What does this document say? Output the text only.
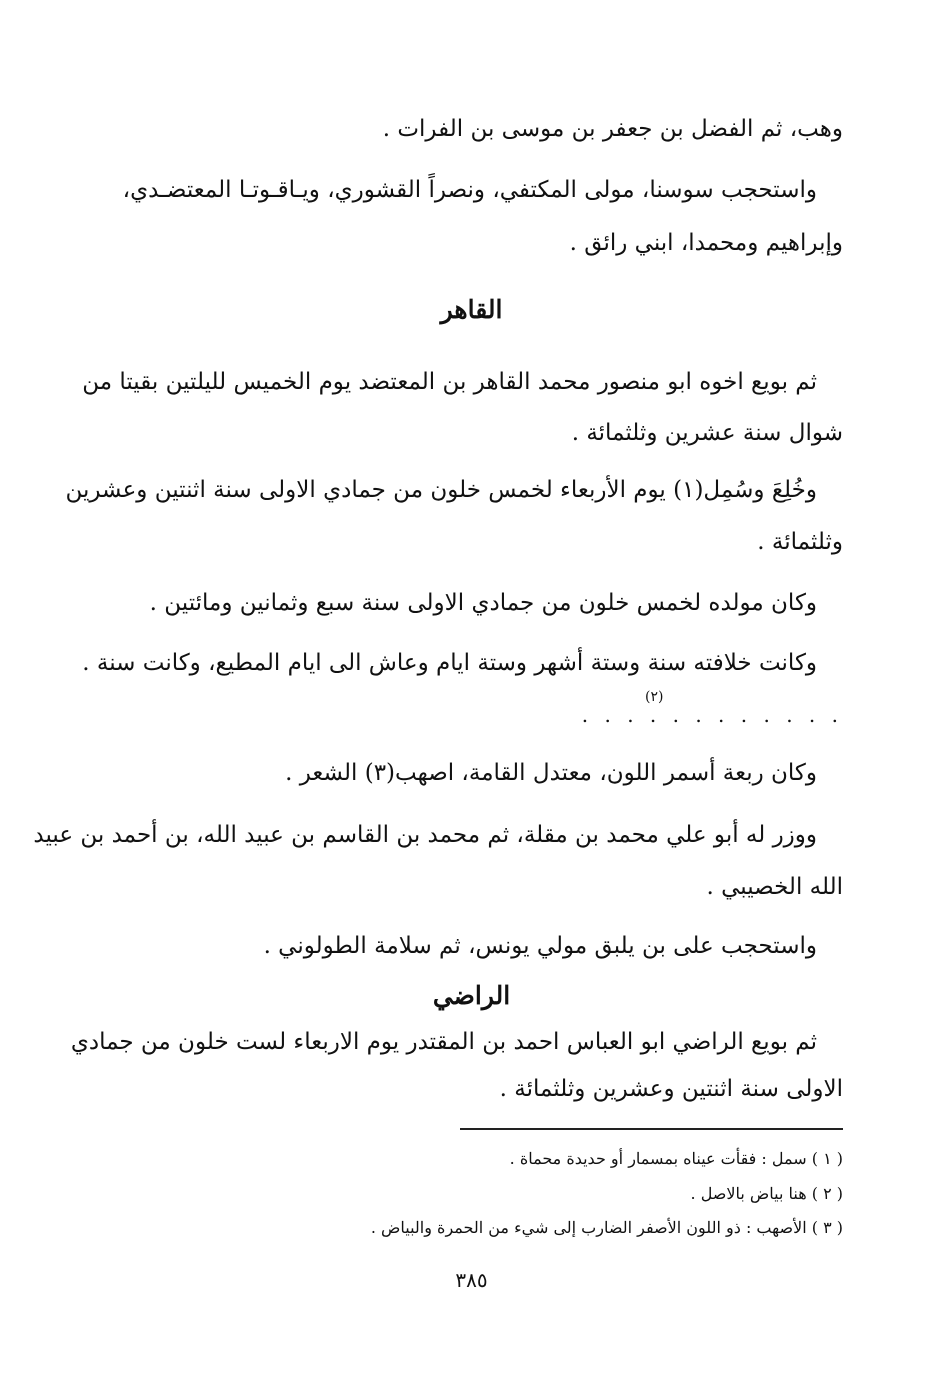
وهب، ثم الفضل بن جعفر بن موسى بن الفرات .
واستحجب سوسنا، مولى المكتفي، ونصراً القشوري، ويـاقـوتـا المعتضـدي،
وإبراهيم ومحمدا، ابني رائق .
القاهر
ثم بويع اخوه ابو منصور محمد القاهر بن المعتضد يوم الخميس لليلتين بقيتا من
شوال سنة عشرين وثلثمائة .
وخُلِعَ وسُمِل(١) يوم الأربعاء لخمس خلون من جمادي الاولى سنة اثنتين وعشرين
وثلثمائة .
وكان مولده لخمس خلون من جمادي الاولى سنة سبع وثمانين ومائتين .
وكانت خلافته سنة وستة أشهر وستة ايام وعاش الى ايام المطيع، وكانت سنة .
(٢)
. . . . . . . . . . . .
وكان ربعة أسمر اللون، معتدل القامة، اصهب(٣) الشعر .
ووزر له أبو علي محمد بن مقلة، ثم محمد بن القاسم بن عبيد الله، بن أحمد بن عبيد
الله الخصيبي .
واستحجب على بن يلبق مولي يونس، ثم سلامة الطولوني .
الراضي
ثم بويع الراضي ابو العباس احمد بن المقتدر يوم الاربعاء لست خلون من جمادي
الاولى سنة اثنتين وعشرين وثلثمائة .
( ١ ) سمل : فقأت عيناه بمسمار أو حديدة محماة .
( ٢ ) هنا بياض بالاصل .
( ٣ ) الأصهب : ذو اللون الأصفر الضارب إلى شيء من الحمرة والبياض .
٣٨٥
